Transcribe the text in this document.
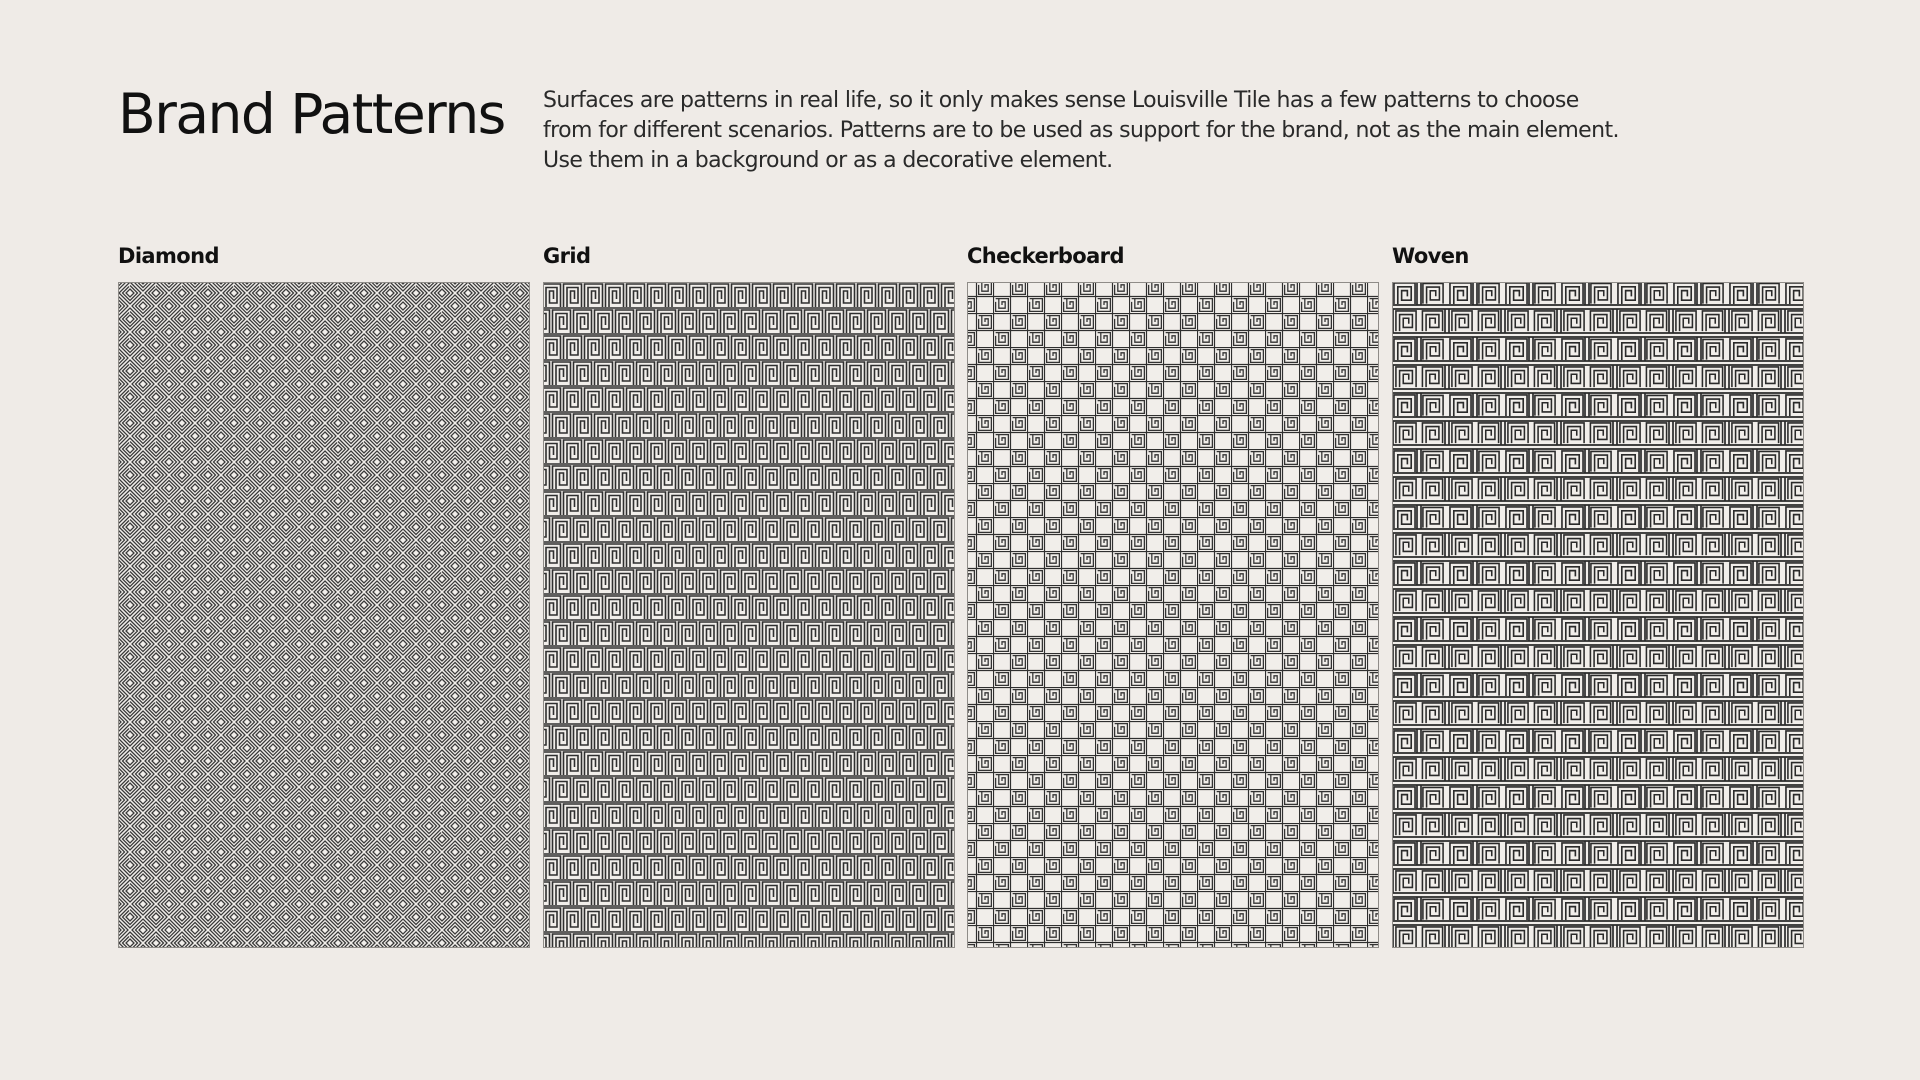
Brand Patterns Surfaces are patterns in real life, so it only makes sense Louisville Tile has a few patterns to choose from for different scenarios. Patterns are to be used as support for the brand, not as the main element. Use them in a background or as a decorative element.

Diamond	Grid	Checkerboard	Woven
